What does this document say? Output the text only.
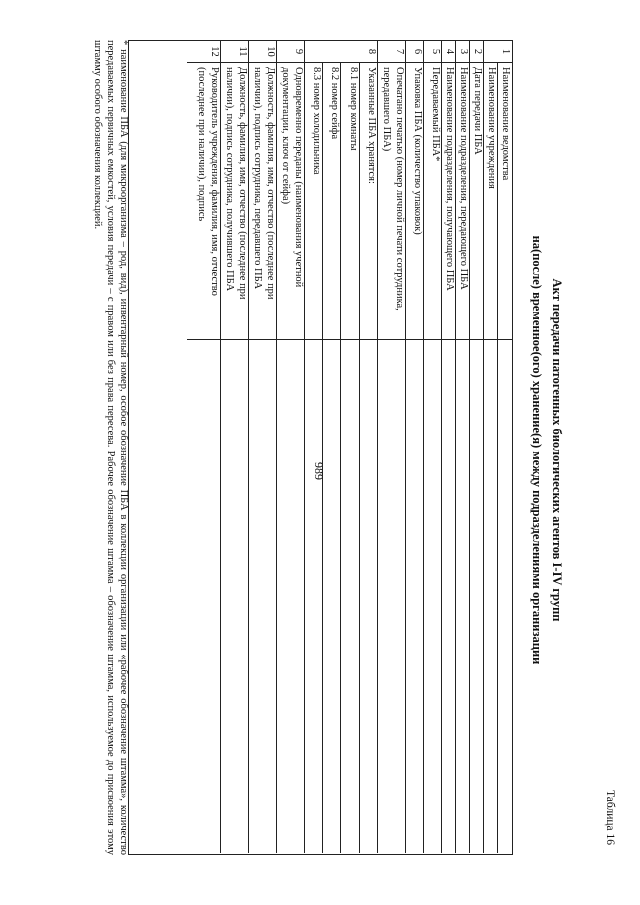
989
Таблица 16
Акт передачи патогенных биологических агентов I-IV групп
на(после) временное(ого) хранение(я) между подразделениями организации
1
Наименование ведомства
Наименование учреждения
2
Дата передачи ПБА
3
Наименование подразделения, передающего ПБА
4
Наименование подразделения, получающего ПБА
5
Передаваемый ПБА*
6
Упаковка ПБА (количество упаковок)
7
Опечатано печатью (номер личной печати сотрудника, передавшего ПБА)
8
Указанные ПБА хранятся:
8.1 номер комнаты
8.2 номер сейфа
8.3 номер холодильника
9
Одновременно переданы (наименования учетной документации, ключ от сейфа)
10
Должность, фамилия, имя, отчество (последнее при наличии), подпись сотрудника, передавшего ПБА
11
Должность, фамилия, имя, отчество (последнее при наличии), подпись сотрудника, получившего ПБА
12
Руководитель учреждения, фамилия, имя, отчество (последнее при наличии), подпись
* наименование ПБА (для микроорганизма – род, вид), инвентарный номер, особое обозначение ПБА в коллекции организации или «рабочее обозначение штамма», количество передаваемых первичных емкостей, условия передачи – с правом или без права пересева. Рабочее обозначение штамма – обозначение штамма, используемое до присвоения этому штамму особого обозначения коллекцией.
